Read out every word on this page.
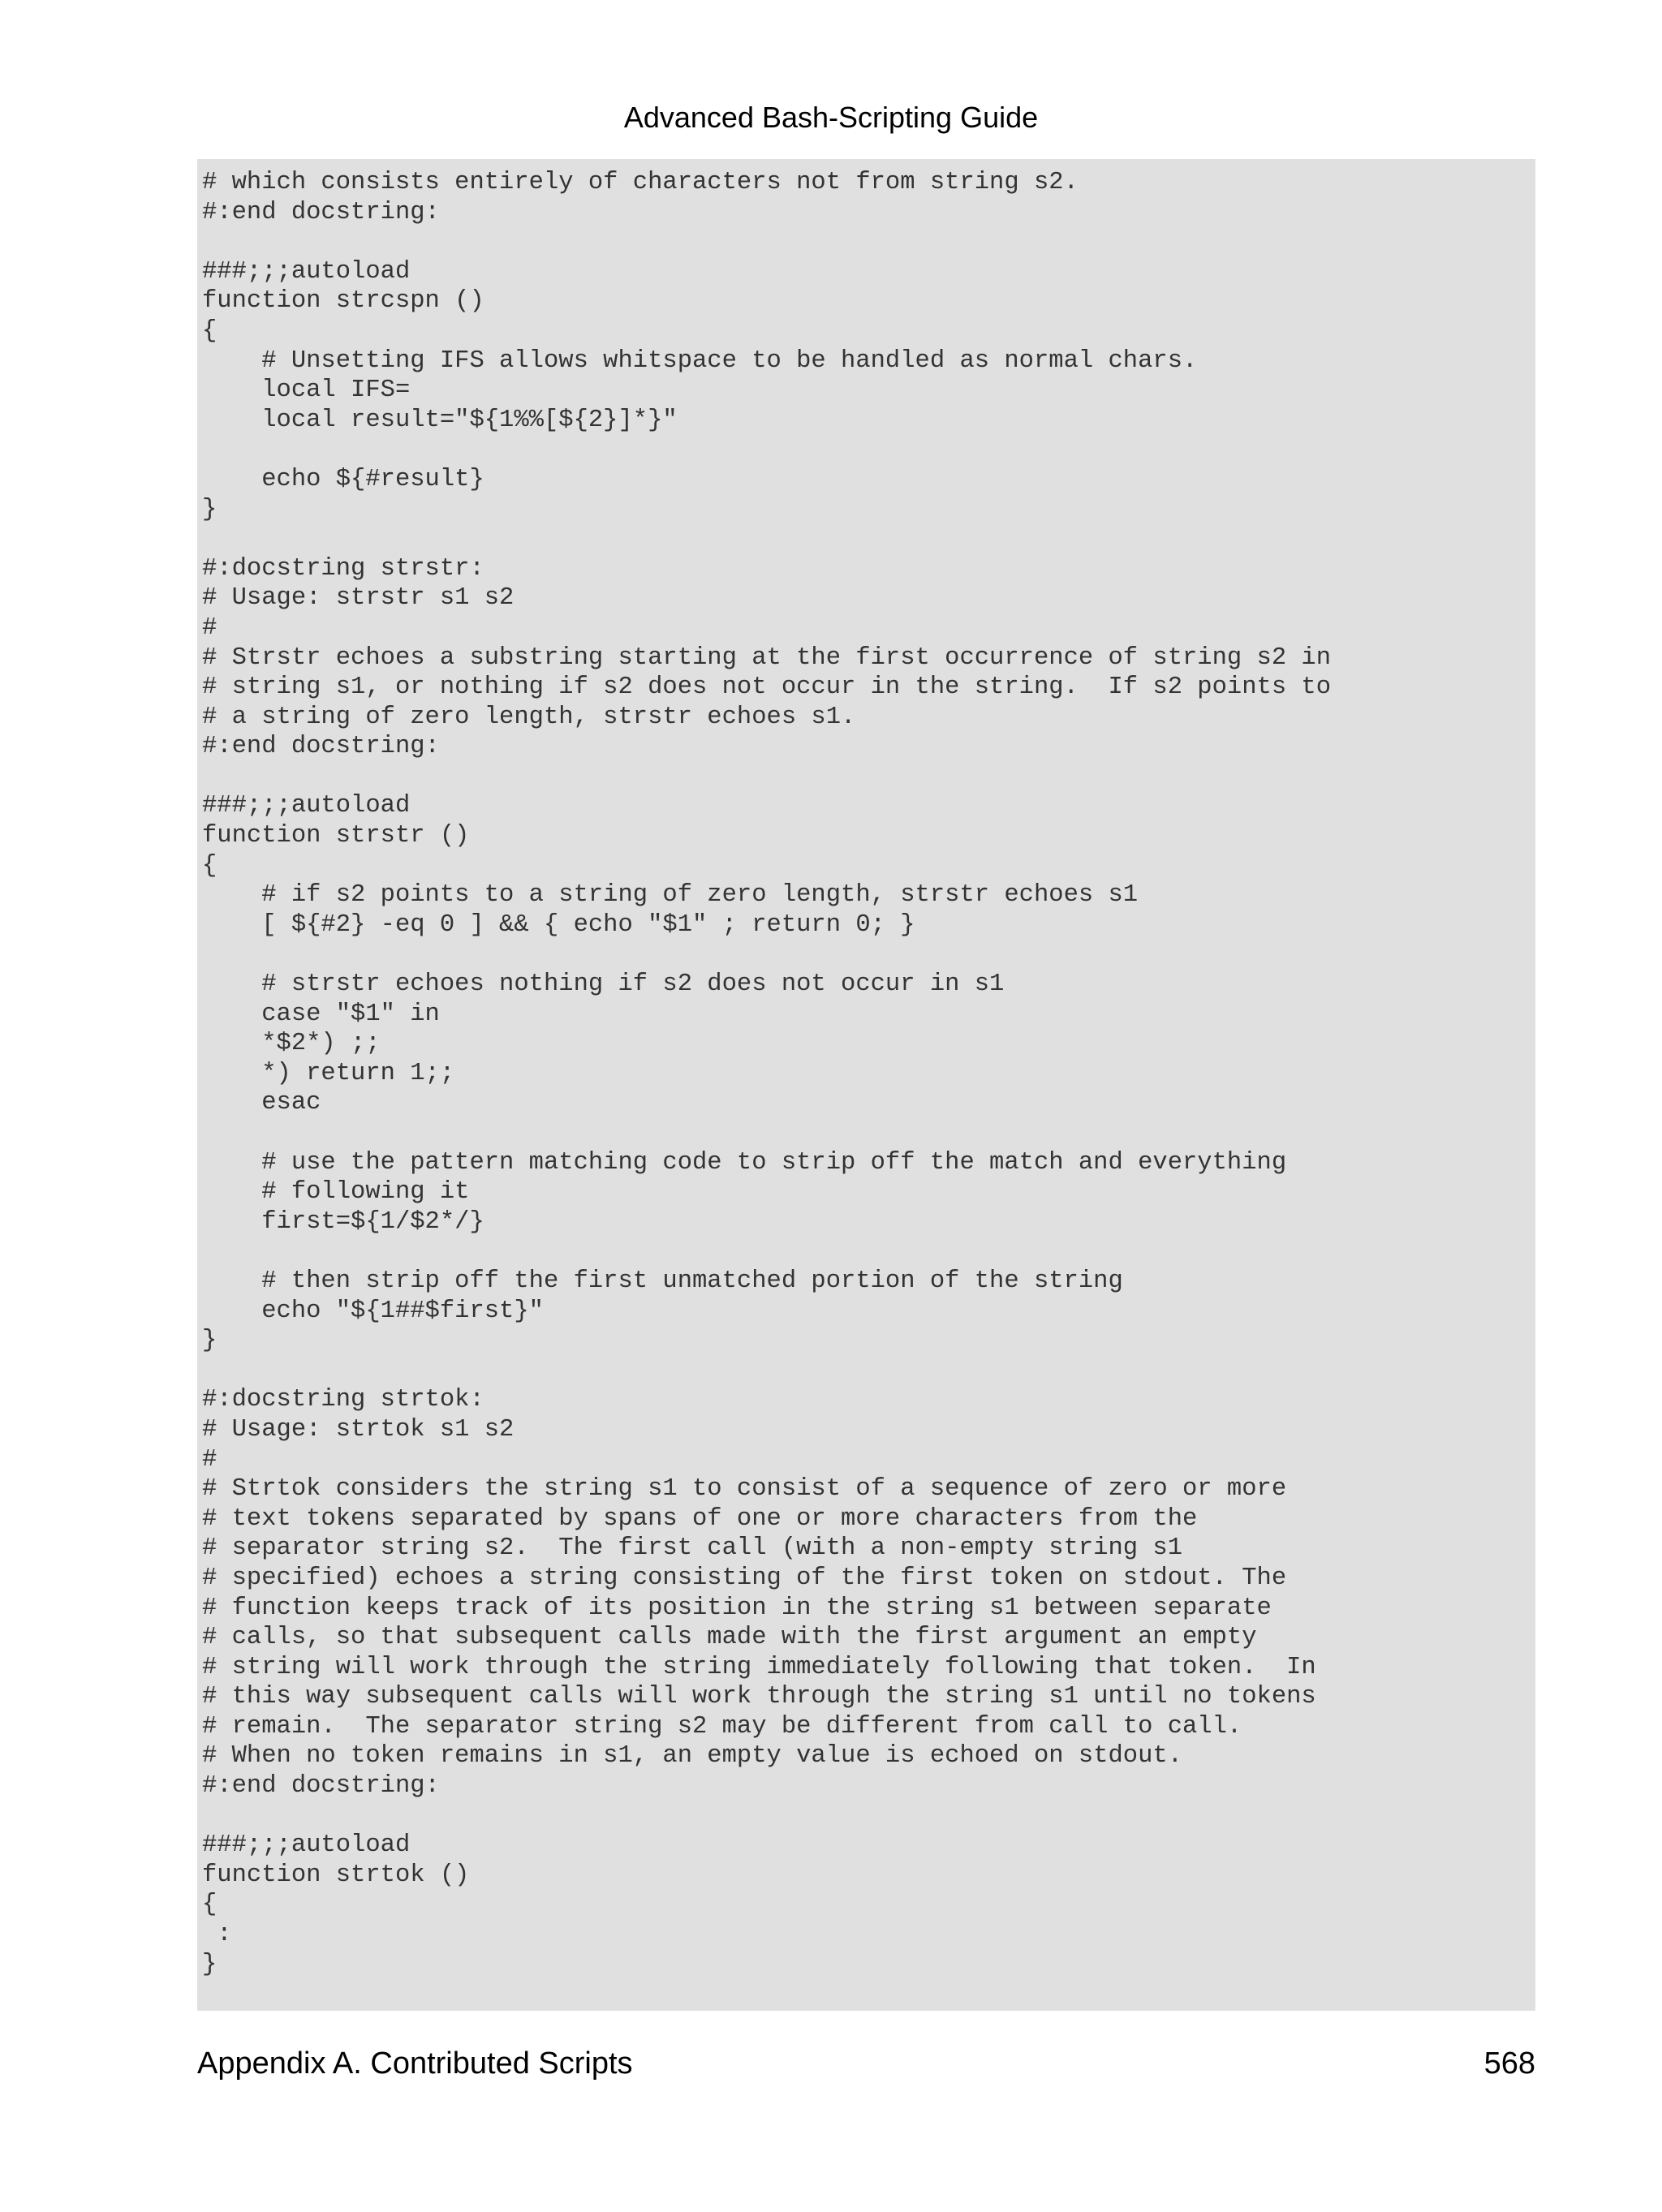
Advanced Bash-Scripting Guide
# which consists entirely of characters not from string s2.
#:end docstring:
###;;;autoload
function strcspn ()
{
# Unsetting IFS allows whitspace to be handled as normal chars.
local IFS=
local result="${1%%[${2}]*}"
echo ${#result}
}
#:docstring strstr:
# Usage: strstr s1 s2
#
# Strstr echoes a substring starting at the first occurrence of string s2 in
# string s1, or nothing if s2 does not occur in the string.  If s2 points to
# a string of zero length, strstr echoes s1.
#:end docstring:
###;;;autoload
function strstr ()
{
# if s2 points to a string of zero length, strstr echoes s1
[ ${#2} -eq 0 ] && { echo "$1" ; return 0; }
# strstr echoes nothing if s2 does not occur in s1
case "$1" in
*$2*) ;;
*) return 1;;
esac
# use the pattern matching code to strip off the match and everything
# following it
first=${1/$2*/}
# then strip off the first unmatched portion of the string
echo "${1##$first}"
}
#:docstring strtok:
# Usage: strtok s1 s2
#
# Strtok considers the string s1 to consist of a sequence of zero or more
# text tokens separated by spans of one or more characters from the
# separator string s2.  The first call (with a non-empty string s1
# specified) echoes a string consisting of the first token on stdout. The
# function keeps track of its position in the string s1 between separate
# calls, so that subsequent calls made with the first argument an empty
# string will work through the string immediately following that token.  In
# this way subsequent calls will work through the string s1 until no tokens
# remain.  The separator string s2 may be different from call to call.
# When no token remains in s1, an empty value is echoed on stdout.
#:end docstring:
###;;;autoload
function strtok ()
{
:
}
Appendix A. Contributed Scripts	568
